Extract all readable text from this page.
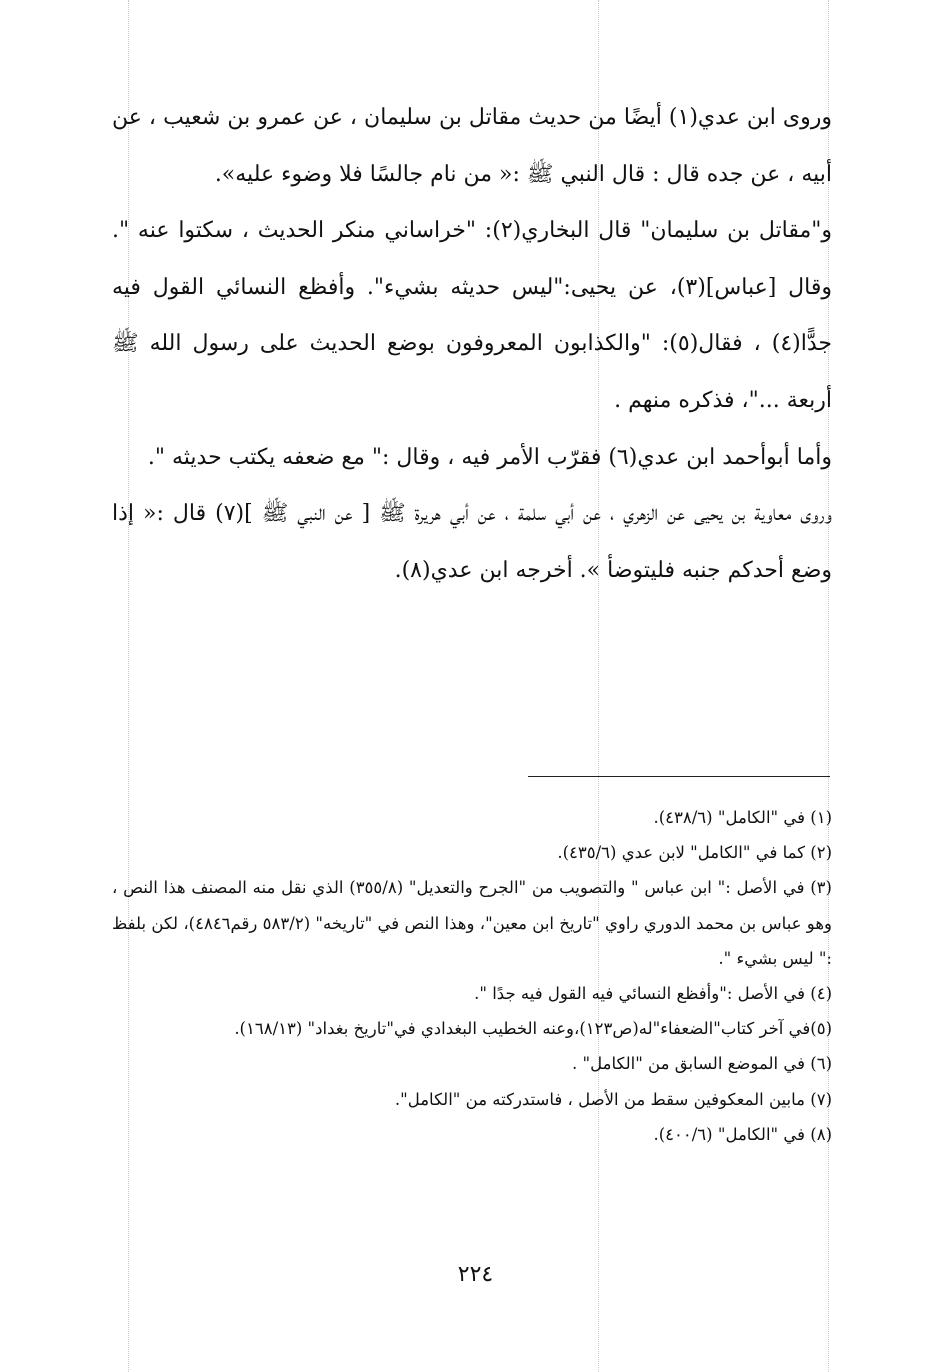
وروى ابن عدي(١) أيضًا من حديث مقاتل بن سليمان ، عن عمرو بن شعيب ، عن أبيه ، عن جده قال : قال النبي ﷺ :« من نام جالسًا فلا وضوء عليه».

و"مقاتل بن سليمان" قال البخاري(٢): "خراساني منكر الحديث ، سكتوا عنه ". وقال [عباس](٣)، عن يحيى:"ليس حديثه بشيء". وأفظع النسائي القول فيه جدًّا(٤) ، فقال(٥): "والكذابون المعروفون بوضع الحديث على رسول الله ﷺ أربعة ..."، فذكره منهم .

وأما أبوأحمد ابن عدي(٦) فقرّب الأمر فيه ، وقال :" مع ضعفه يكتب حديثه ".

وروى معاوية بن يحيى عن الزهري ، عن أبي سلمة ، عن أبي هريرة ﷺ [ عن النبي ﷺ ](٧) قال :« إذا وضع أحدكم جنبه فليتوضأ ». أخرجه ابن عدي(٨).

(١) في "الكامل" (٤٣٨/٦).

(٢) كما في "الكامل" لابن عدي (٤٣٥/٦).

(٣) في الأصل :" ابن عباس " والتصويب من "الجرح والتعديل" (٣٥٥/٨) الذي نقل منه المصنف هذا النص ، وهو عباس بن محمد الدوري راوي "تاريخ ابن معين"، وهذا النص في "تاريخه" (٥٨٣/٢ رقم٤٨٤٦)، لكن بلفظ :" ليس بشيء ".

(٤) في الأصل :"وأفظع النسائي فيه القول فيه جدًا ".

(٥)في آخر كتاب"الضعفاء"له(ص١٢٣)،وعنه الخطيب البغدادي في"تاريخ بغداد" (١٦٨/١٣).

(٦) في الموضع السابق من "الكامل" .

(٧) مابين المعكوفين سقط من الأصل ، فاستدركته من "الكامل".

(٨) في "الكامل" (٤٠٠/٦).

٢٢٤
